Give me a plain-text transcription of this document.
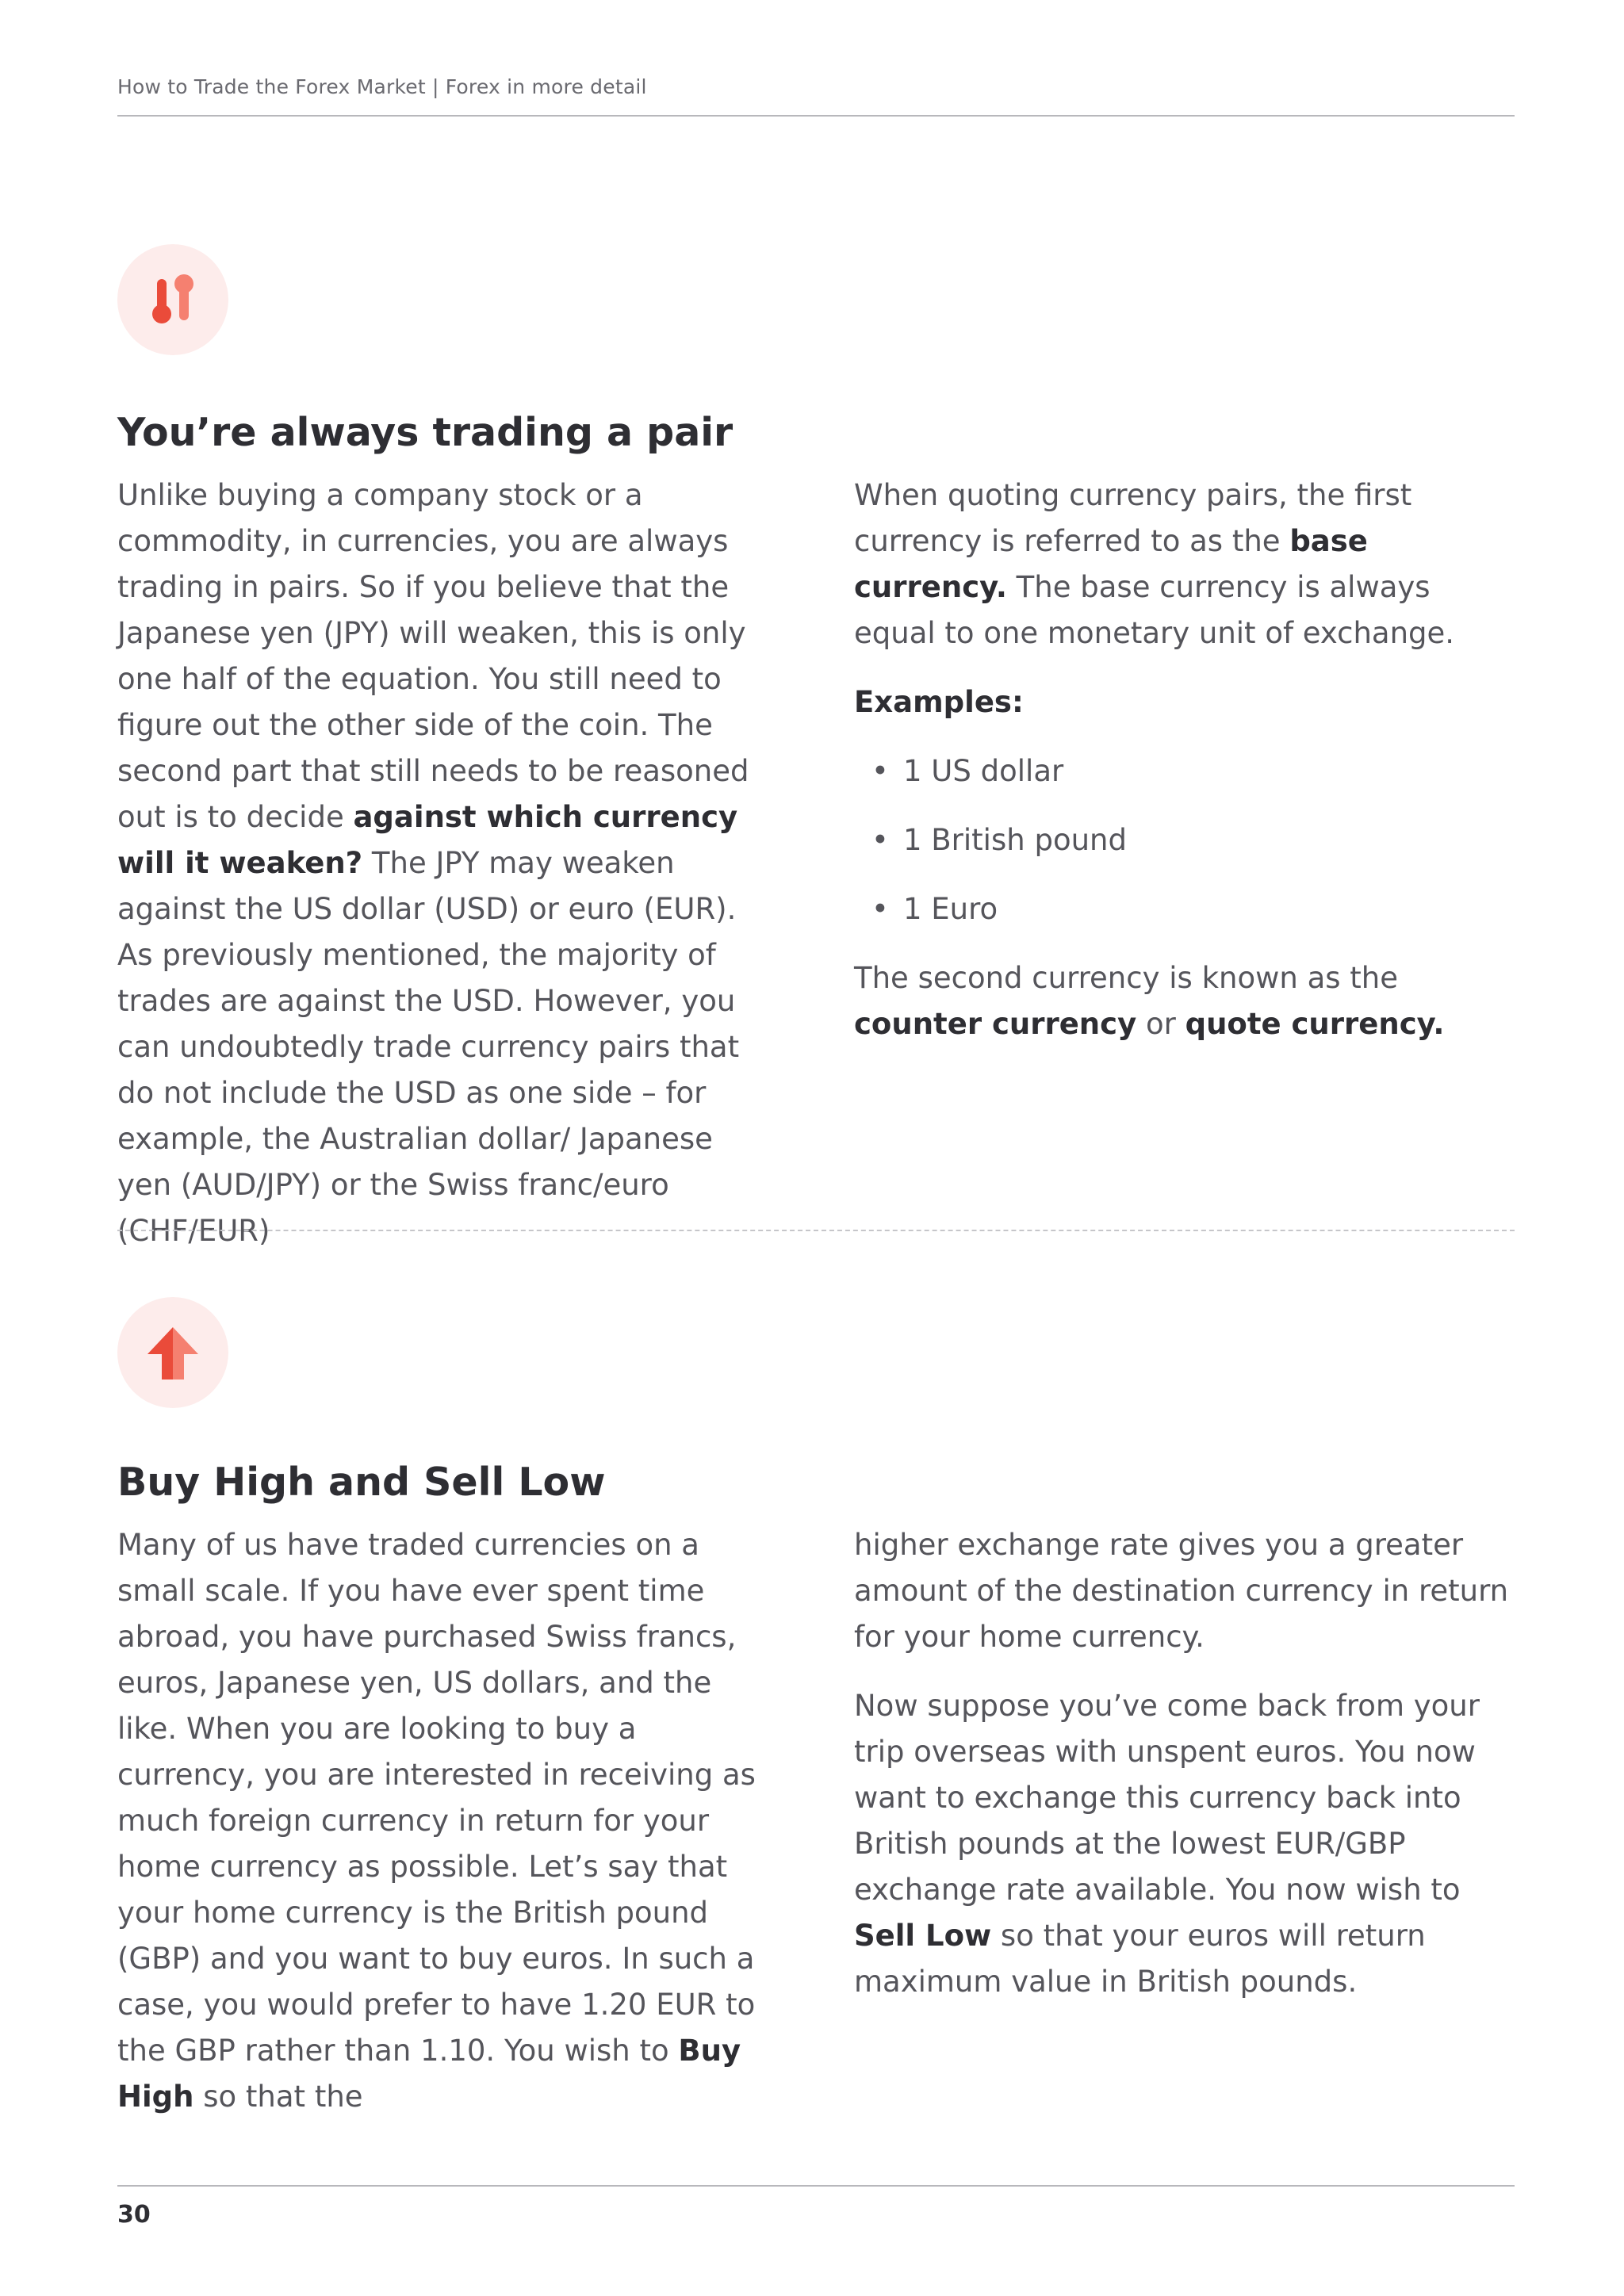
How to Trade the Forex Market | Forex in more detail
You’re always trading a pair

Unlike buying a company stock or a commodity, in currencies, you are always trading in pairs. So if you believe that the Japanese yen (JPY) will weaken, this is only one half of the equation. You still need to figure out the other side of the coin. The second part that still needs to be reasoned out is to decide against which currency will it weaken? The JPY may weaken against the US dollar (USD) or euro (EUR). As previously mentioned, the majority of trades are against the USD. However, you can undoubtedly trade currency pairs that do not include the USD as one side – for example, the Australian dollar/ Japanese yen (AUD/JPY) or the Swiss franc/euro (CHF/EUR)

When quoting currency pairs, the first currency is referred to as the base currency. The base currency is always equal to one monetary unit of exchange.

Examples:

• 1 US dollar
• 1 British pound
• 1 Euro

The second currency is known as the counter currency or quote currency.

Buy High and Sell Low

Many of us have traded currencies on a small scale. If you have ever spent time abroad, you have purchased Swiss francs, euros, Japanese yen, US dollars, and the like. When you are looking to buy a currency, you are interested in receiving as much foreign currency in return for your home currency as possible. Let’s say that your home currency is the British pound (GBP) and you want to buy euros. In such a case, you would prefer to have 1.20 EUR to the GBP rather than 1.10. You wish to Buy High so that the

higher exchange rate gives you a greater amount of the destination currency in return for your home currency.

Now suppose you’ve come back from your trip overseas with unspent euros. You now want to exchange this currency back into British pounds at the lowest EUR/GBP exchange rate available. You now wish to Sell Low so that your euros will return maximum value in British pounds.

30
